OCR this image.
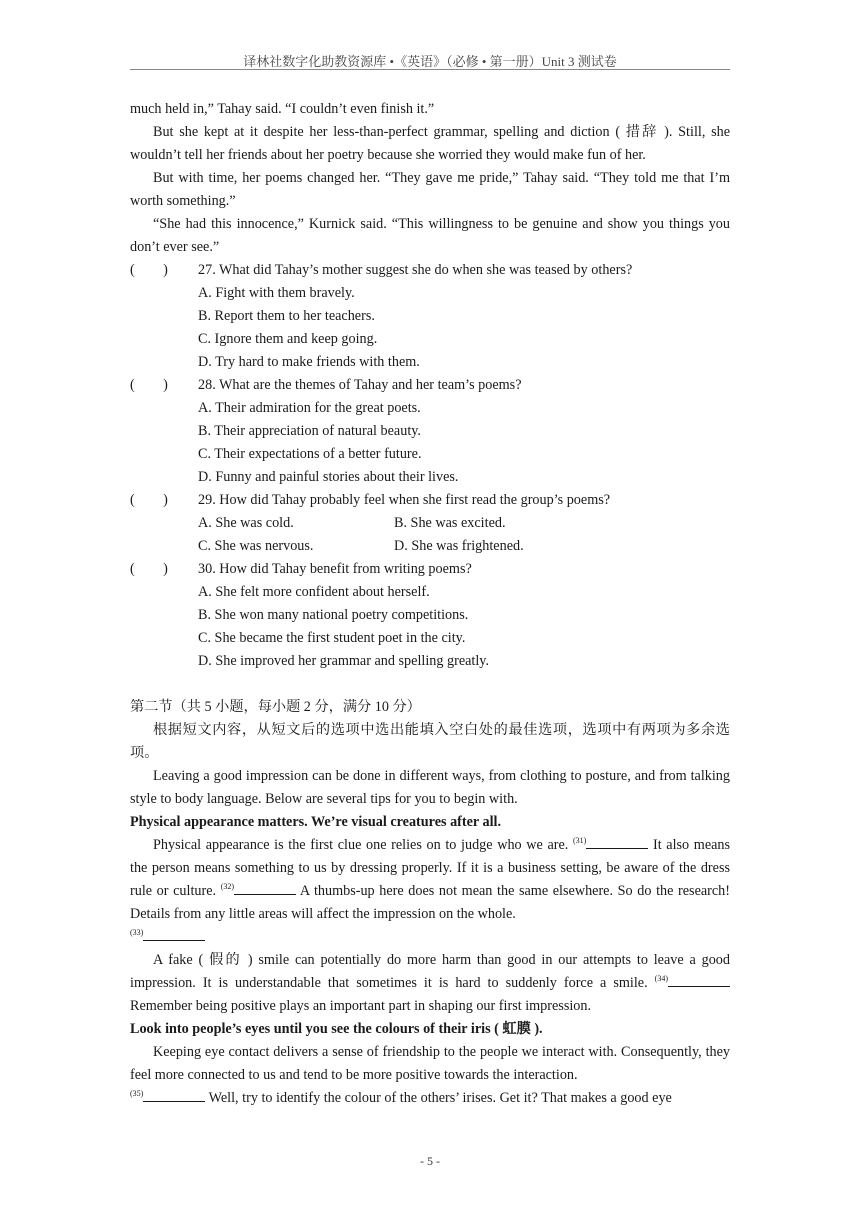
译林社数字化助教资源库 •《英语》（必修 • 第一册）Unit 3 测试卷

much held in,” Tahay said. “I couldn’t even finish it.”

But she kept at it despite her less-than-perfect grammar, spelling and diction ( 措辞 ). Still, she wouldn’t tell her friends about her poetry because she worried they would make fun of her.

But with time, her poems changed her. “They gave me pride,” Tahay said. “They told me that I’m worth something.”

“She had this innocence,” Kurnick said. “This willingness to be genuine and show you things you don’t ever see.”

(　　)	27. What did Tahay’s mother suggest she do when she was teased by others?

A. Fight with them bravely.

B. Report them to her teachers.

C. Ignore them and keep going.

D. Try hard to make friends with them.

(　　)	28. What are the themes of Tahay and her team’s poems?

A. Their admiration for the great poets.

B. Their appreciation of natural beauty.

C. Their expectations of a better future.

D. Funny and painful stories about their lives.

(　　)	29. How did Tahay probably feel when she first read the group’s poems?
A. She was cold.	B. She was excited.
C. She was nervous.	D. She was frightened.
(　　)	30. How did Tahay benefit from writing poems?

A. She felt more confident about herself.

B. She won many national poetry competitions.

C. She became the first student poet in the city.

D. She improved her grammar and spelling greatly.

第二节（共 5 小题，每小题 2 分，满分 10 分）

根据短文内容，从短文后的选项中选出能填入空白处的最佳选项，选项中有两项为多余选项。

Leaving a good impression can be done in different ways, from clothing to posture, and from talking style to body language. Below are several tips for you to begin with.

Physical appearance matters. We’re visual creatures after all.

Physical appearance is the first clue one relies on to judge who we are. $^{(31)}$	It also means the person means something to us by dressing properly. If it is a business setting, be aware of the dress rule or culture. $^{(32)}$	A thumbs-up here does not mean the same elsewhere. So do the research! Details from any little areas will affect the impression on the whole.

$^{(33)}$

A fake ( 假的 ) smile can potentially do more harm than good in our attempts to leave a good impression. It is understandable that sometimes it is hard to suddenly force a smile. $^{(34)}$ Remember being positive plays an important part in shaping our first impression.

Look into people’s eyes until you see the colours of their iris ( 虹膜 ).

Keeping eye contact delivers a sense of friendship to the people we interact with. Consequently, they feel more connected to us and tend to be more positive towards the interaction.

$^{(35)}$	Well, try to identify the colour of the others’ irises. Get it? That makes a good eye

- 5 -
